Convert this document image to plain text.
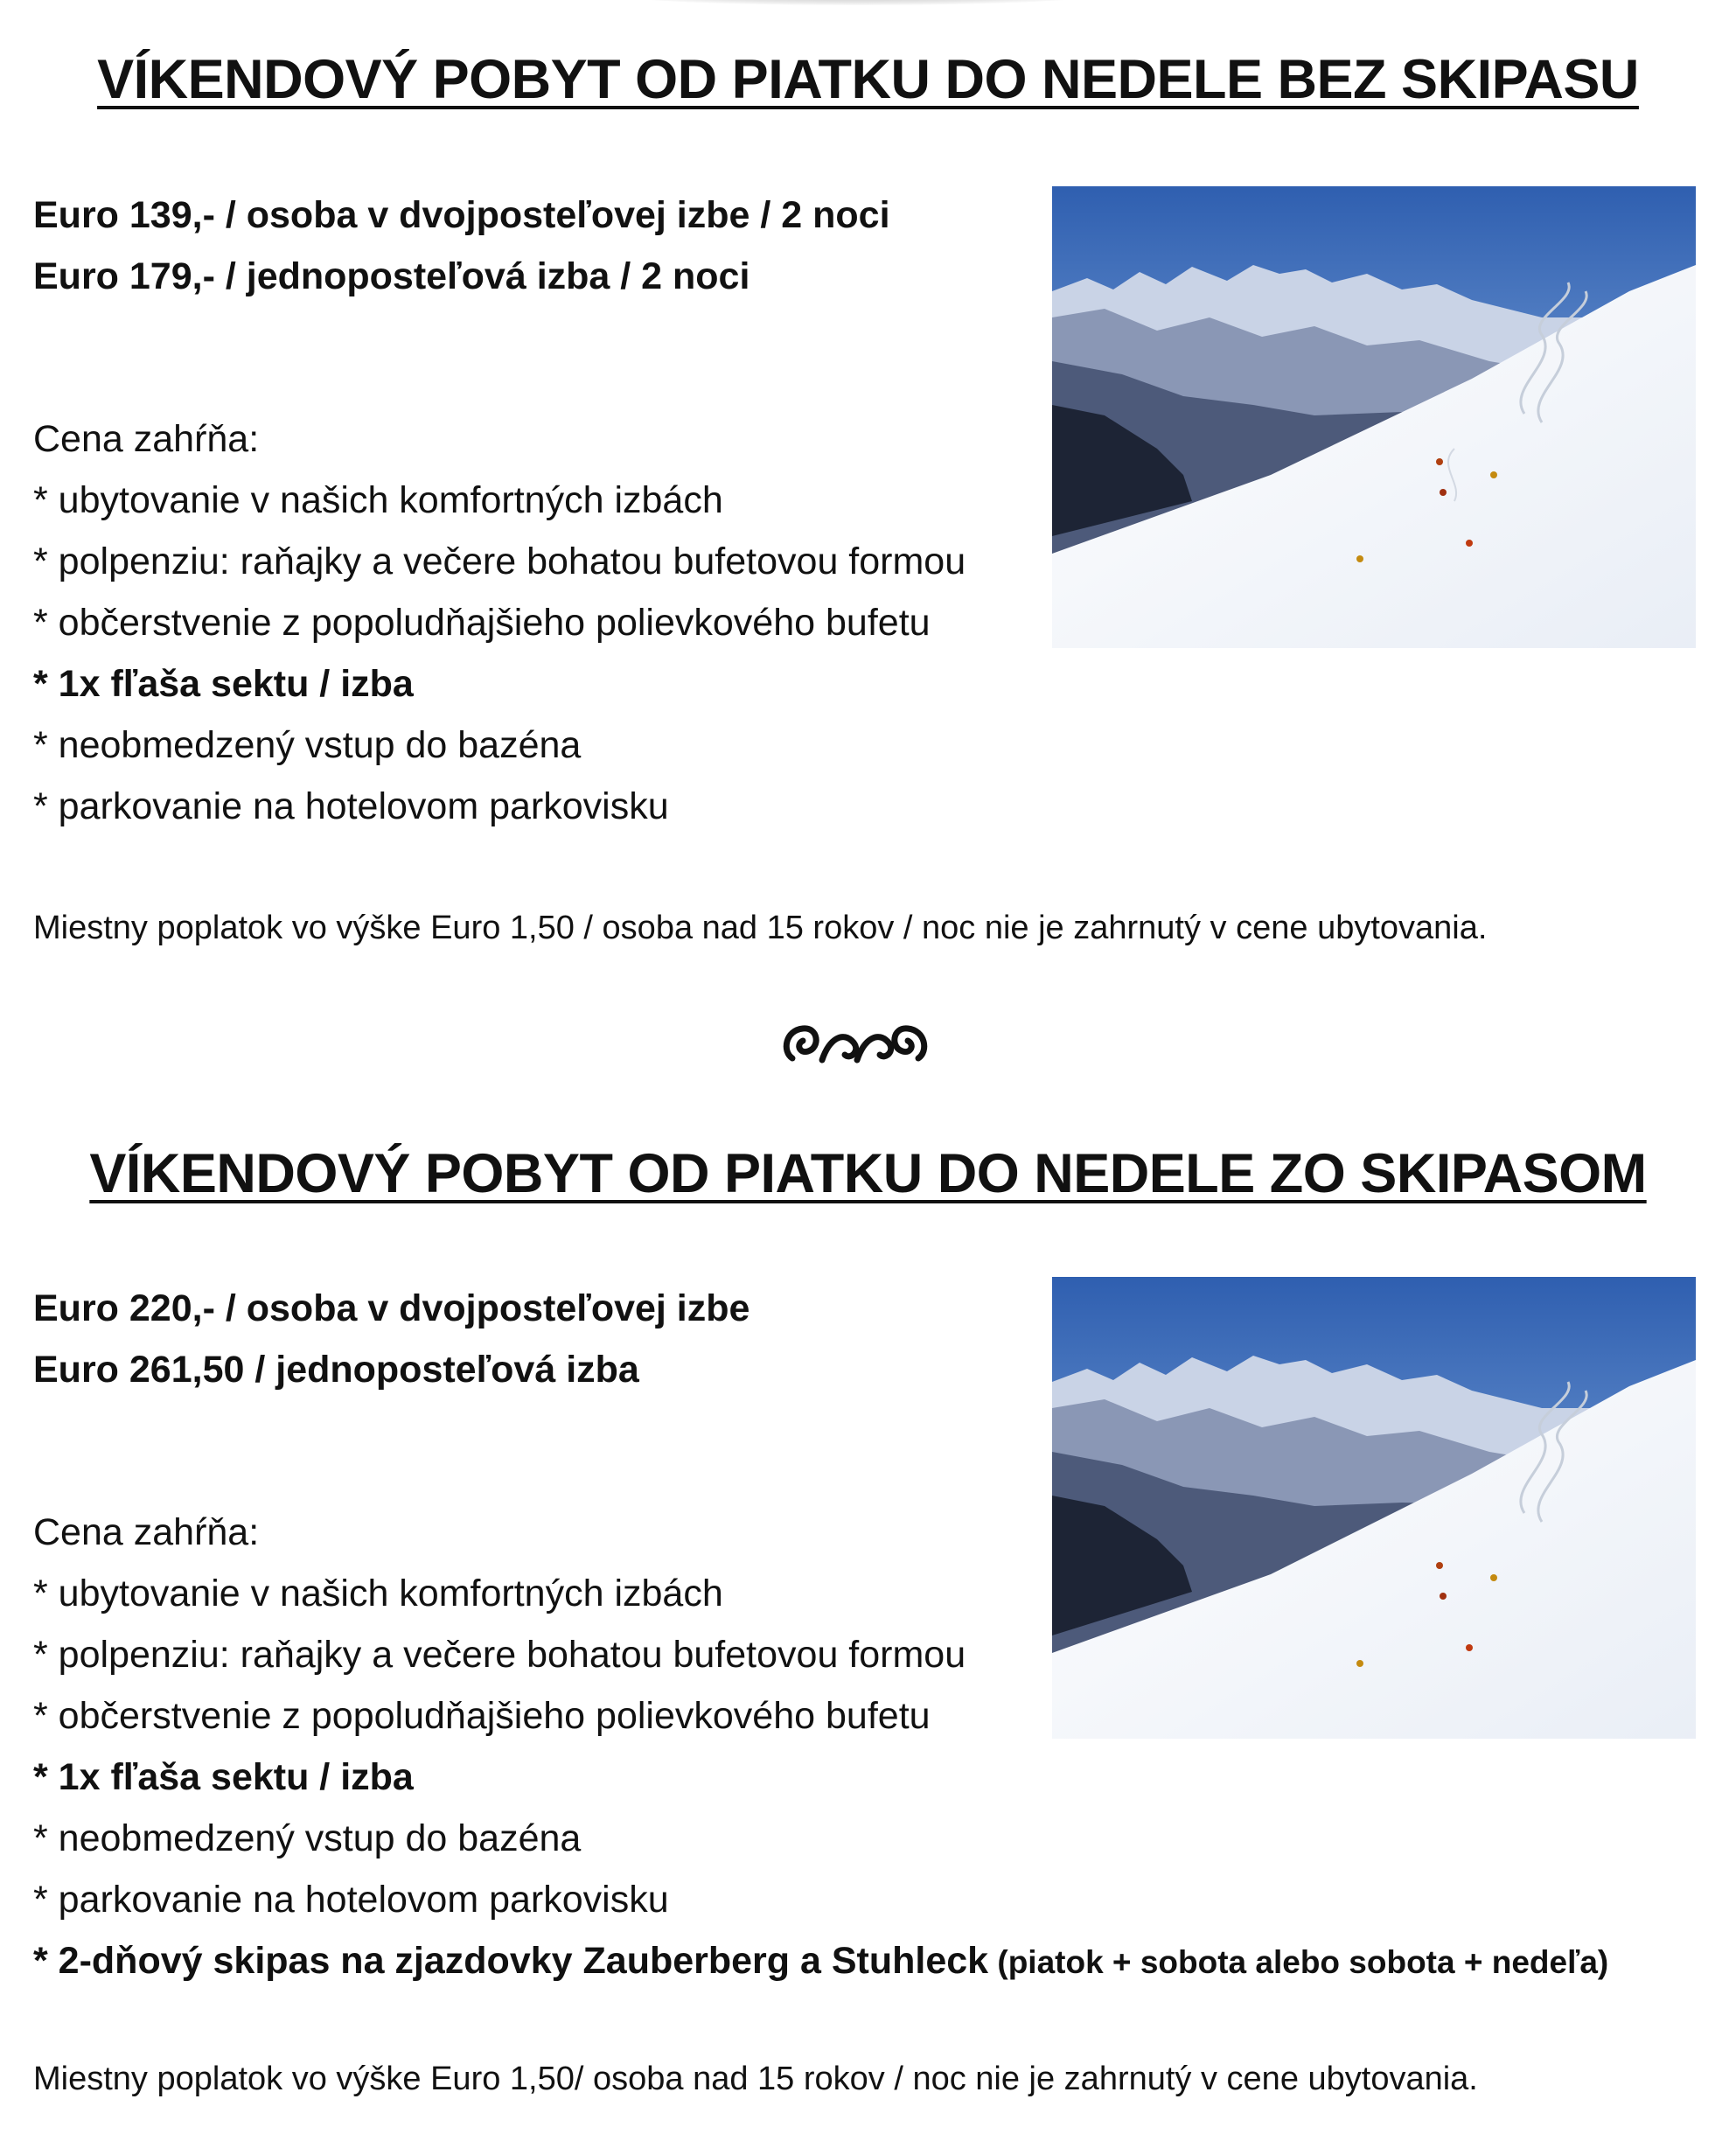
VÍKENDOVÝ POBYT OD PIATKU DO NEDELE BEZ SKIPASU

Euro 139,- / osoba v dvojposteľovej izbe / 2 noci

Euro 179,- / jednoposteľová izba / 2 noci

Cena zahŕňa:

* ubytovanie v našich komfortných izbách

* polpenziu: raňajky a večere bohatou bufetovou formou

* občerstvenie z popoludňajšieho polievkového bufetu

* 1x fľaša sektu / izba

* neobmedzený vstup do bazéna

* parkovanie na hotelovom parkovisku

Miestny poplatok vo výške Euro 1,50 / osoba nad 15 rokov / noc nie je zahrnutý v cene ubytovania.

VÍKENDOVÝ POBYT OD PIATKU DO NEDELE ZO SKIPASOM

Euro 220,- / osoba v dvojposteľovej izbe

Euro 261,50 / jednoposteľová izba

Cena zahŕňa:

* ubytovanie v našich komfortných izbách

* polpenziu: raňajky a večere bohatou bufetovou formou

* občerstvenie z popoludňajšieho polievkového bufetu

* 1x fľaša sektu / izba

* neobmedzený vstup do bazéna

* parkovanie na hotelovom parkovisku

* 2-dňový skipas na zjazdovky Zauberberg a Stuhleck (piatok + sobota alebo sobota + nedeľa)

Miestny poplatok vo výške Euro 1,50/ osoba nad 15 rokov / noc nie je zahrnutý v cene ubytovania.
